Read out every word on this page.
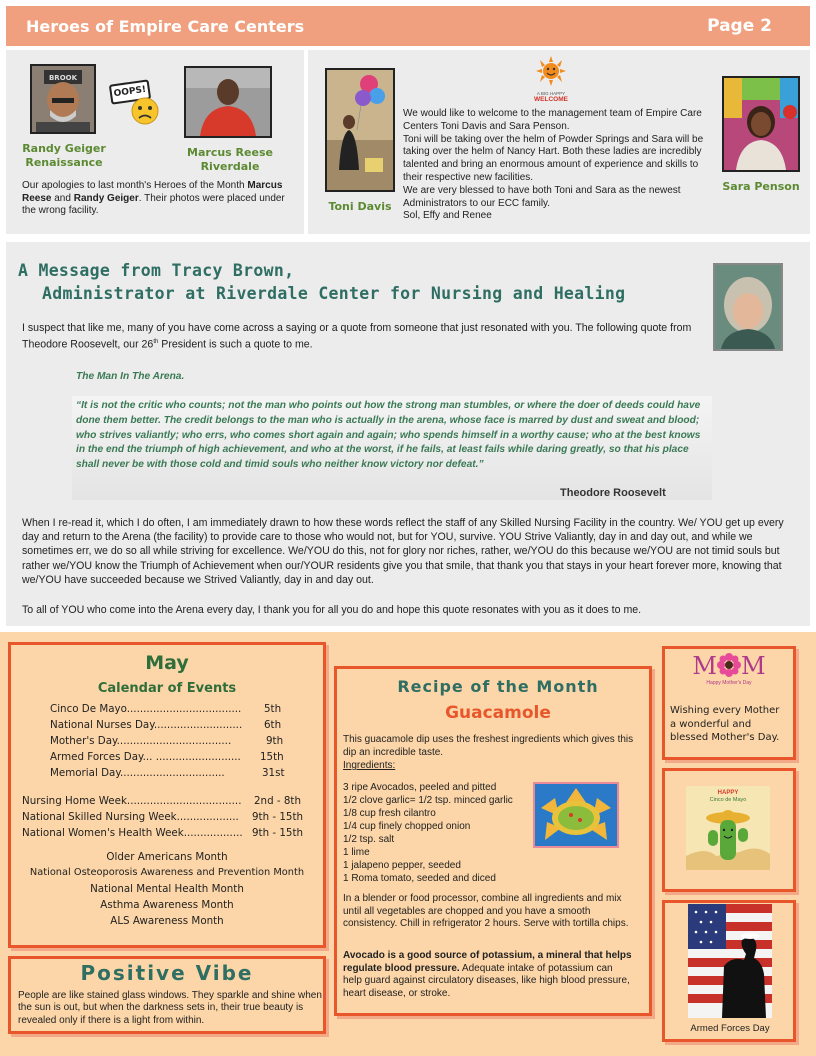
Heroes of Empire Care Centers	Page 2
BROOK
OOPS!
Randy Geiger
Renaissance
Marcus Reese
Riverdale
Our apologies to last month's Heroes of the Month Marcus Reese and Randy Geiger. Their photos were placed under the wrong facility.	Toni Davis
A BIG HAPPY
WELCOME
We would like to welcome to the management team of Empire Care Centers Toni Davis and Sara Penson.
Toni will be taking over the helm of Powder Springs and Sara will be taking over the helm of Nancy Hart. Both these ladies are incredibly talented and bring an enormous amount of experience and skills to their respective new facilities.
We are very blessed to have both Toni and Sara as the newest Administrators to our ECC family.
Sol, Effy and Renee
Sara Penson
A Message from Tracy Brown,
Administrator at Riverdale Center for Nursing and Healing
I suspect that like me, many of you have come across a saying or a quote from someone that just resonated with you. The following quote from Theodore Roosevelt, our 26th President is such a quote to me.
The Man In The Arena.
“It is not the critic who counts; not the man who points out how the strong man stumbles, or where the doer of deeds could have done them better. The credit belongs to the man who is actually in the arena, whose face is marred by dust and sweat and blood; who strives valiantly; who errs, who comes short again and again; who spends himself in a worthy cause; who at the best knows in the end the triumph of high achievement, and who at the worst, if he fails, at least fails while daring greatly, so that his place shall never be with those cold and timid souls who neither know victory nor defeat.”
Theodore Roosevelt
When I re-read it, which I do often, I am immediately drawn to how these words reflect the staff of any Skilled Nursing Facility in the country. We/ YOU get up every day and return to the Arena (the facility) to provide care to those who would not, but for YOU, survive. YOU Strive Valiantly, day in and day out, and while we sometimes err, we do so all while striving for excellence. We/YOU do this, not for glory nor riches, rather, we/YOU do this because we/YOU are not timid souls but rather we/YOU know the Triumph of Achievement when our/YOUR residents give you that smile, that thank you that stays in your heart forever more, knowing that we/YOU have succeeded because we Strived Valiantly, day in and day out.
To all of YOU who come into the Arena every day, I thank you for all you do and hope this quote resonates with you as it does to me.
May
Calendar of Events
Cinco De Mayo................................... 5th
National Nurses Day........................... 6th
Mother's Day...................................	9th
Armed Forces Day... .......................... 15th
Memorial Day................................	31st
Nursing Home Week................................... 2nd - 8th
National Skilled Nursing Week................... 9th - 15th
National Women's Health Week.................. 9th - 15th
Older Americans Month
National Osteoporosis Awareness and Prevention Month
National Mental Health Month
Asthma Awareness Month
ALS Awareness Month
Positive Vibe
People are like stained glass windows. They sparkle and shine when the sun is out, but when the darkness sets in, their true beauty is revealed only if there is a light from within.
Recipe of the Month
Guacamole
This guacamole dip uses the freshest ingredients which gives this dip an incredible taste.
Ingredients:
3 ripe Avocados, peeled and pitted
1/2 clove garlic= 1/2 tsp. minced garlic
1/8 cup fresh cilantro
1/4 cup finely chopped onion
1/2 tsp. salt
1 lime
1 jalapeno pepper, seeded
1 Roma tomato, seeded and diced
In a blender or food processor, combine all ingredients and mix until all vegetables are chopped and you have a smooth consistency. Chill in refrigerator 2 hours. Serve with tortilla chips.
Avocado is a good source of potassium, a mineral that helps regulate blood pressure. Adequate intake of potassium can help guard against circulatory diseases, like high blood pressure, heart disease, or stroke.
M M
Happy Mother's Day
Wishing every Mother a wonderful and blessed Mother's Day.
HAPPY
Cinco de Mayo
Armed Forces Day
